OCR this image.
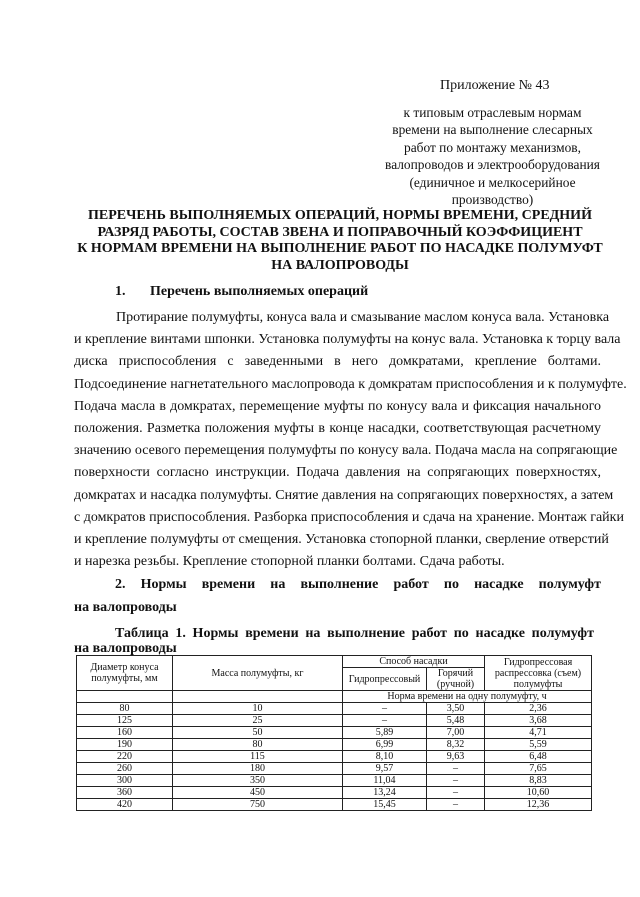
Приложение № 43
к типовым отраслевым нормам
времени на выполнение слесарных
работ по монтажу механизмов,
валопроводов и электрооборудования
(единичное и мелкосерийное
производство)
ПЕРЕЧЕНЬ ВЫПОЛНЯЕМЫХ ОПЕРАЦИЙ, НОРМЫ ВРЕМЕНИ, СРЕДНИЙ
РАЗРЯД РАБОТЫ, СОСТАВ ЗВЕНА И ПОПРАВОЧНЫЙ КОЭФФИЦИЕНТ
К НОРМАМ ВРЕМЕНИ НА ВЫПОЛНЕНИЕ РАБОТ ПО НАСАДКЕ ПОЛУМУФТ
НА ВАЛОПРОВОДЫ
1. Перечень выполняемых операций
Протирание полумуфты, конуса вала и смазывание маслом конуса вала. Установка
и крепление винтами шпонки. Установка полумуфты на конус вала. Установка к торцу вала
диска приспособления с заведенными в него домкратами, крепление болтами.
Подсоединение нагнетательного маслопровода к домкратам приспособления и к полумуфте.
Подача масла в домкратах, перемещение муфты по конусу вала и фиксация начального
положения. Разметка положения муфты в конце насадки, соответствующая расчетному
значению осевого перемещения полумуфты по конусу вала. Подача масла на сопрягающие
поверхности согласно инструкции. Подача давления на сопрягающих поверхностях,
домкратах и насадка полумуфты. Снятие давления на сопрягающих поверхностях, а затем
с домкратов приспособления. Разборка приспособления и сдача на хранение. Монтаж гайки
и крепление полумуфты от смещения. Установка стопорной планки, сверление отверстий
и нарезка резьбы. Крепление стопорной планки болтами. Сдача работы.
2. Нормы времени на выполнение работ по насадке полумуфт
на валопроводы
Таблица 1. Нормы времени на выполнение работ по насадке полумуфт
на валопроводы
Диаметр конуса полумуфты, мм	Масса полумуфты, кг	Способ насадки		Гидропрессовая распрессовка (съем) полумуфты
		Гидропрессовый	Горячий (ручной)	
		Норма времени на одну полумуфту, ч		
80	10	–	3,50	2,36
125	25	–	5,48	3,68
160	50	5,89	7,00	4,71
190	80	6,99	8,32	5,59
220	115	8,10	9,63	6,48
260	180	9,57	–	7,65
300	350	11,04	–	8,83
360	450	13,24	–	10,60
420	750	15,45	–	12,36
